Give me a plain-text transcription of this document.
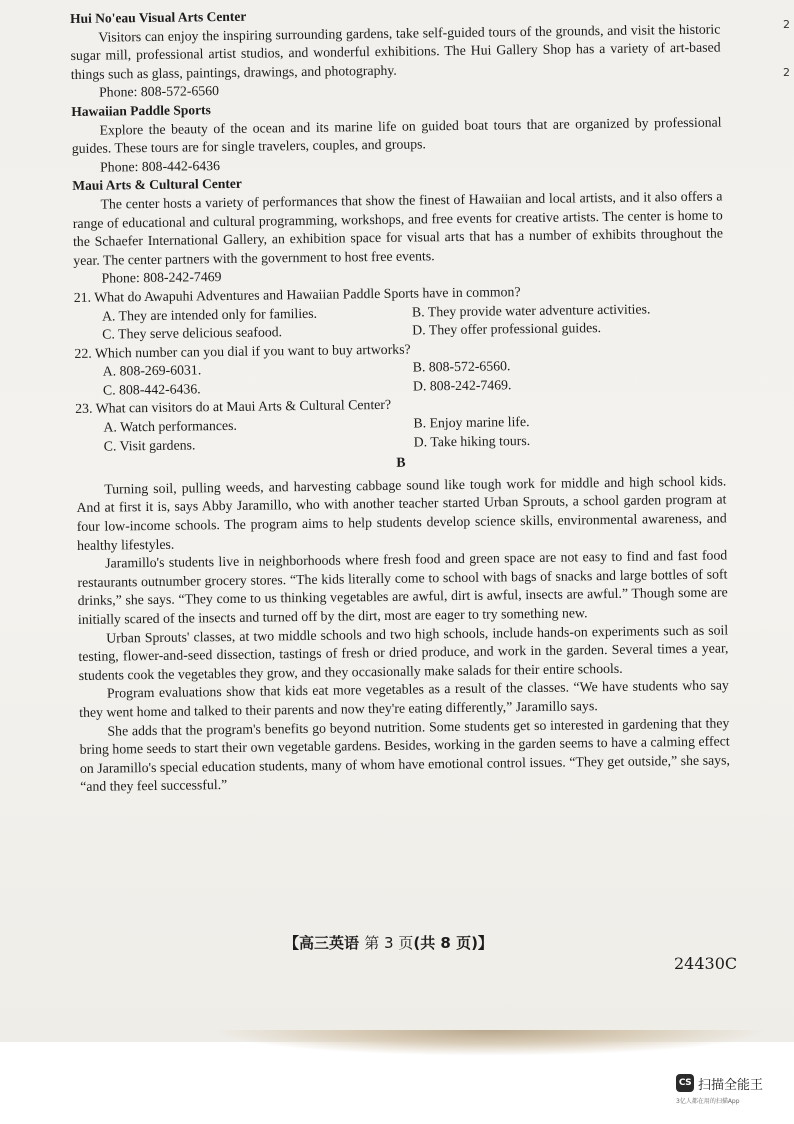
Hui No'eau Visual Arts Center

Visitors can enjoy the inspiring surrounding gardens, take self-guided tours of the grounds, and visit the historic sugar mill, professional artist studios, and wonderful exhibitions. The Hui Gallery Shop has a variety of art-based things such as glass, paintings, drawings, and photography.

Phone: 808-572-6560

Hawaiian Paddle Sports

Explore the beauty of the ocean and its marine life on guided boat tours that are organized by professional guides. These tours are for single travelers, couples, and groups.

Phone: 808-442-6436

Maui Arts & Cultural Center

The center hosts a variety of performances that show the finest of Hawaiian and local artists, and it also offers a range of educational and cultural programming, workshops, and free events for creative artists. The center is home to the Schaefer International Gallery, an exhibition space for visual arts that has a number of exhibits throughout the year. The center partners with the government to host free events.

Phone: 808-242-7469

21. What do Awapuhi Adventures and Hawaiian Paddle Sports have in common?

A. They are intended only for families.	B. They provide water adventure activities.
C. They serve delicious seafood.	D. They offer professional guides.

22. Which number can you dial if you want to buy artworks?

A. 808-269-6031.	B. 808-572-6560.
C. 808-442-6436.	D. 808-242-7469.

23. What can visitors do at Maui Arts & Cultural Center?

A. Watch performances.	B. Enjoy marine life.
C. Visit gardens.	D. Take hiking tours.

B

Turning soil, pulling weeds, and harvesting cabbage sound like tough work for middle and high school kids. And at first it is, says Abby Jaramillo, who with another teacher started Urban Sprouts, a school garden program at four low-income schools. The program aims to help students develop science skills, environmental awareness, and healthy lifestyles.

Jaramillo's students live in neighborhoods where fresh food and green space are not easy to find and fast food restaurants outnumber grocery stores. “The kids literally come to school with bags of snacks and large bottles of soft drinks,” she says. “They come to us thinking vegetables are awful, dirt is awful, insects are awful.” Though some are initially scared of the insects and turned off by the dirt, most are eager to try something new.

Urban Sprouts' classes, at two middle schools and two high schools, include hands-on experiments such as soil testing, flower-and-seed dissection, tastings of fresh or dried produce, and work in the garden. Several times a year, students cook the vegetables they grow, and they occasionally make salads for their entire schools.

Program evaluations show that kids eat more vegetables as a result of the classes. “We have students who say they went home and talked to their parents and now they're eating differently,” Jaramillo says.

She adds that the program's benefits go beyond nutrition. Some students get so interested in gardening that they bring home seeds to start their own vegetable gardens. Besides, working in the garden seems to have a calming effect on Jaramillo's special education students, many of whom have emotional control issues. “They get outside,” she says, “and they feel successful.”

【高三英语 第 3 页(共 8 页)】
24430C
2
2
CS 扫描全能王
3亿人都在用的扫描App
